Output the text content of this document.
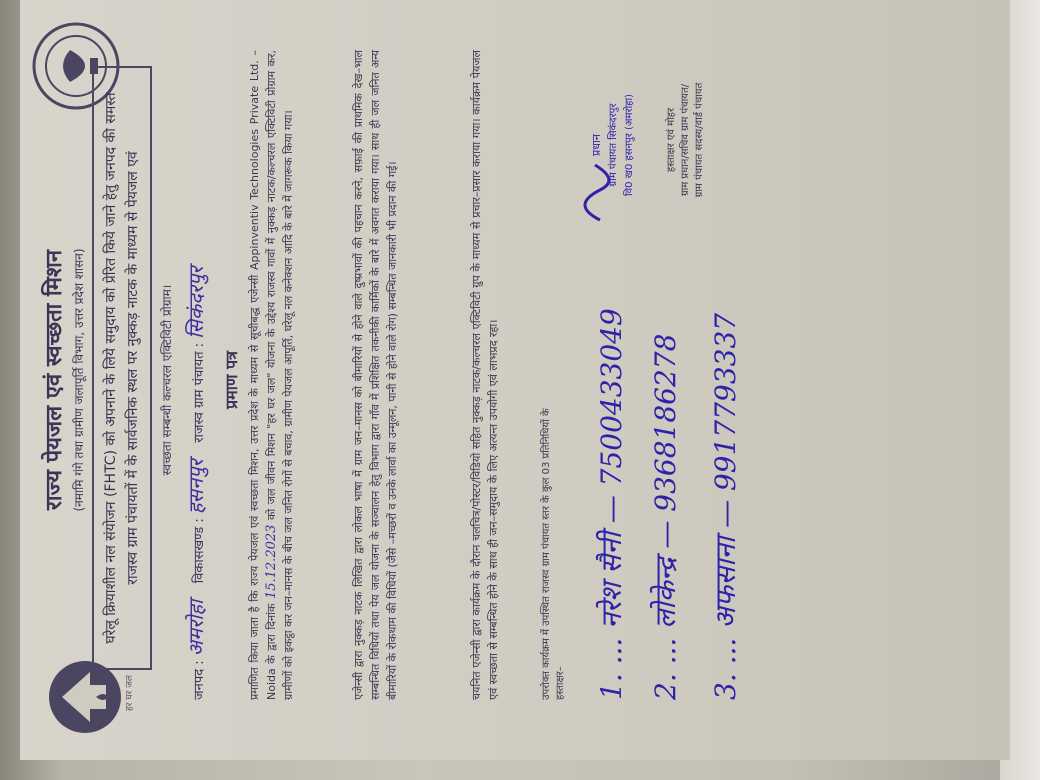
हर घर जल
राज्य पेयजल एवं स्वच्छता मिशन (नमामि गंगे तथा ग्रामीण जलापूर्ति विभाग, उत्तर प्रदेश शासन)	घरेलू क्रियाशील नल संयोजन (FHTC) को अपनाने के लिये समुदाय को प्रेरित किये जाने हेतु जनपद की समस्त राजस्व ग्राम पंचायतों में के सार्वजनिक स्थल पर नुक्कड़ नाटक के माध्यम से पेयजल एवं	स्वच्छता सम्बन्धी कल्चरल एक्टिविटी प्रोग्राम।
जनपद : अमरोहा    विकासखण्ड : हसनपुर    राजस्व ग्राम पंचायत : सिकंदरपुर
प्रमाण पत्र प्रमाणित किया जाता है कि राज्य पेयजल एवं स्वच्छता मिशन, उत्तर प्रदेश के माध्यम से सूचीबद्ध एजेन्सी Appinventiv Technologies Private Ltd. – Noida के द्वारा दिनांक 15.12.2023 को जल जीवन मिशन "हर घर जल" योजना के उद्देश्य राजस्व गावों में नुक्कड़ नाटक/कल्चरल एक्टिविटी प्रोग्राम कर, ग्रामीणों को इकट्ठा कर जन–मानस के बीच जल जनित रोगों से बचाव, ग्रामीण पेयजल आपूर्ति, घरेलू नल कनेक्शन आदि के बारे में जागरूक किया गया।	एजेन्सी द्वारा नुक्कड़ नाटक लिखित द्वारा लोकल भाषा में ग्राम जन–मानस को बीमारियों से होने वाले दुष्प्रभावों की पहचान करने, सफ़ाई की प्राथमिक देख–भाल सम्बन्धित विधियों तथा पेय जल योजना के सञ्चालन हेतु विभाग द्वारा गाँव में प्रशिक्षित तकनीकी कार्मिकों के बारे में अवगत कराया गया। साथ ही जल जनित अन्य बीमारियों के रोकथाम की विधियों (जैसे –मच्छरों व उनके लार्वा का उन्मूलन, पानी से होने वाले रोग) सम्बन्धित जानकारी भी प्रदान की गई।	चयनित एजेन्सी द्वारा कार्यक्रम के दौरान चलचित्र/पोस्टर/विडियो सहित नुक्कड़ नाटक/कल्चरल एक्टिविटी ग्रुप के माध्यम से प्रचार–प्रसार कराया गया। कार्यक्रम पेयजल एवं स्वच्छता से सम्बन्धित होने के साथ ही जन–समुदाय के लिए अत्यन्त उपयोगी एवं लाभप्रद रहा।	उपरोक्त कार्यक्रम में उपस्थित राजस्व ग्राम पंचायत स्तर के कुल 03 प्रतिनिधियों के हस्ताक्षर– 1. ... नरेश सैनी — 7500433049 2. ... लोकेन्द्र — 9368186278 3. ... अफसाना — 9917793337
प्रधान ग्राम पंचायत सिकंदरपुर वि0 ख0 हसनपुर (अमरोहा)	हस्ताक्षर एवं मोहर ग्राम प्रधान/सचिव ग्राम पंचायत/ ग्राम पंचायत सदस्य/वार्ड पंचायत
